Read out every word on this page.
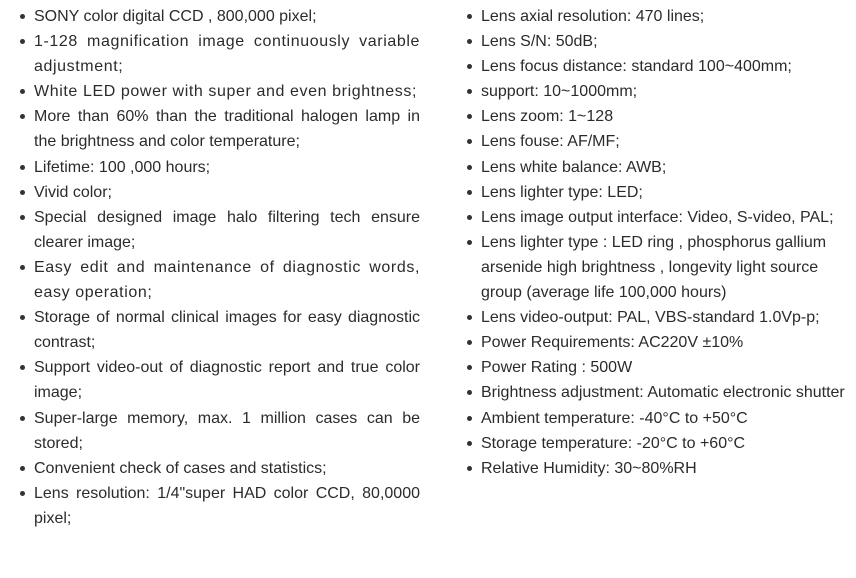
SONY color digital CCD , 800,000 pixel;
1-128 magnification image continuously variable adjustment;
White LED power with super and even brightness;
More than 60% than the traditional halogen lamp in the brightness and color temperature;
Lifetime: 100 ,000 hours;
Vivid color;
Special designed image halo filtering tech ensure clearer image;
Easy edit and maintenance of diagnostic words, easy operation;
Storage of normal clinical images for easy diagnostic contrast;
Support video-out of diagnostic report and true color image;
Super-large memory, max. 1 million cases can be stored;
Convenient check of cases and statistics;
Lens resolution: 1/4"super HAD color CCD, 80,0000 pixel;
Lens axial resolution: 470 lines;
Lens S/N: 50dB;
Lens focus distance: standard 100~400mm;
support: 10~1000mm;
Lens zoom: 1~128
Lens fouse: AF/MF;
Lens white balance: AWB;
Lens lighter type: LED;
Lens image output interface: Video, S-video, PAL;
Lens lighter type : LED ring , phosphorus gallium arsenide high brightness , longevity light source group (average life 100,000 hours)
Lens video-output: PAL, VBS-standard 1.0Vp-p;
Power Requirements: AC220V ±10%
Power Rating : 500W
Brightness adjustment: Automatic electronic shutter
Ambient temperature: -40°C to +50°C
Storage temperature: -20°C to +60°C
Relative Humidity: 30~80%RH
